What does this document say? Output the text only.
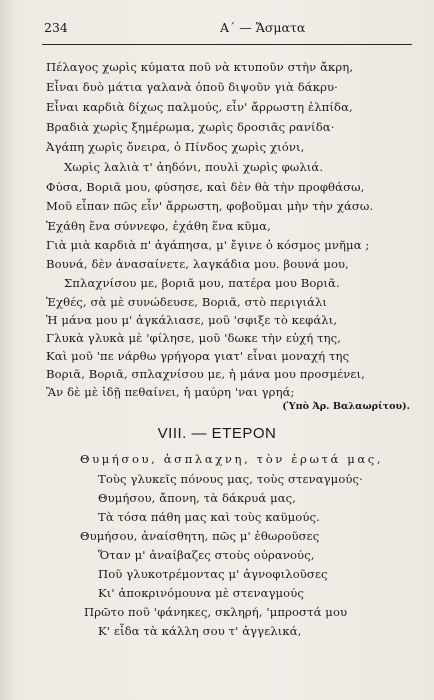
234	Α΄ — Ἄσματα
Πέλαγος χωρὶς κύματα ποῦ νὰ κτυποῦν στὴν ἄκρη,
Εἶναι δυὸ μάτια γαλανὰ ὁποῦ διψοῦν γιὰ δάκρυ·
Εἶναι καρδιὰ δίχως παλμούς, εἶν' ἄρρωστη ἐλπίδα,
Βραδιὰ χωρὶς ξημέρωμα, χωρὶς δροσιᾶς ρανίδα·
Ἀγάπη χωρὶς ὄνειρα, ὁ Πίνδος χωρὶς χιόνι,
Χωρὶς λαλιὰ τ' ἀηδόνι, πουλὶ χωρὶς φωλιά.
Φύσα, Βοριᾶ μου, φύσησε, καὶ δὲν θὰ τὴν προφθάσω,
Μοῦ εἶπαν πῶς εἶν' ἄρρωστη, φοβοῦμαι μὴν τὴν χάσω.
Ἐχάθη ἕνα σύννεφο, ἐχάθη ἕνα κῦμα,
Γιὰ μιὰ καρδιὰ π' ἀγάπησα, μ' ἔγινε ὁ κόσμος μνῆμα ;
Βουνά, δὲν ἀνασαίνετε, λαγκάδια μου. βουνά μου,
Σπλαχνίσου με, βοριᾶ μου, πατέρα μου Βοριᾶ.
Ἐχθές, σὰ μὲ συνώδευσε, Βοριᾶ, στὸ περιγιάλι
Ἡ μάνα μου μ' ἀγκάλιασε, μοῦ 'σφιξε τὸ κεφάλι,
Γλυκὰ γλυκὰ μὲ 'φίλησε, μοῦ 'δωκε τὴν εὐχή της,
Καὶ μοῦ 'πε νάρθω γρήγορα γιατ' εἶναι μοναχή της
Βοριᾶ, Βοριᾶ, σπλαχνίσου με, ἡ μάνα μου προσμένει,
Ἂν δὲ μὲ ἰδῇ πεθαίνει, ἡ μαύρη 'ναι γρηά;
(Ὑπὸ Ἀρ. Βαλαωρίτου).
VIII. — ΕΤΕΡΟΝ
Θυμήσου, ἀσπλαχνη, τὸν ἐρωτά μας,
Τοὺς γλυκεῖς πόνους μας, τοὺς στεναγμούς·
Θυμήσου, ἄπονη, τὰ δάκρυά μας,
Τὰ τόσα πάθη μας καὶ τοὺς καϋμούς.
Θυμήσου, ἀναίσθητη, πῶς μ' ἐθωροῦσες
Ὅταν μ' ἀναίβαζες στοὺς οὐρανούς,
Ποῦ γλυκοτρέμοντας μ' ἀγνοφιλοῦσες
Κι' ἀποκρινόμουνα μὲ στεναγμούς
Πρῶτο ποῦ 'φάνηκες, σκληρή, 'μπροστά μου
Κ' εἶδα τὰ κάλλη σου τ' ἀγγελικά,
